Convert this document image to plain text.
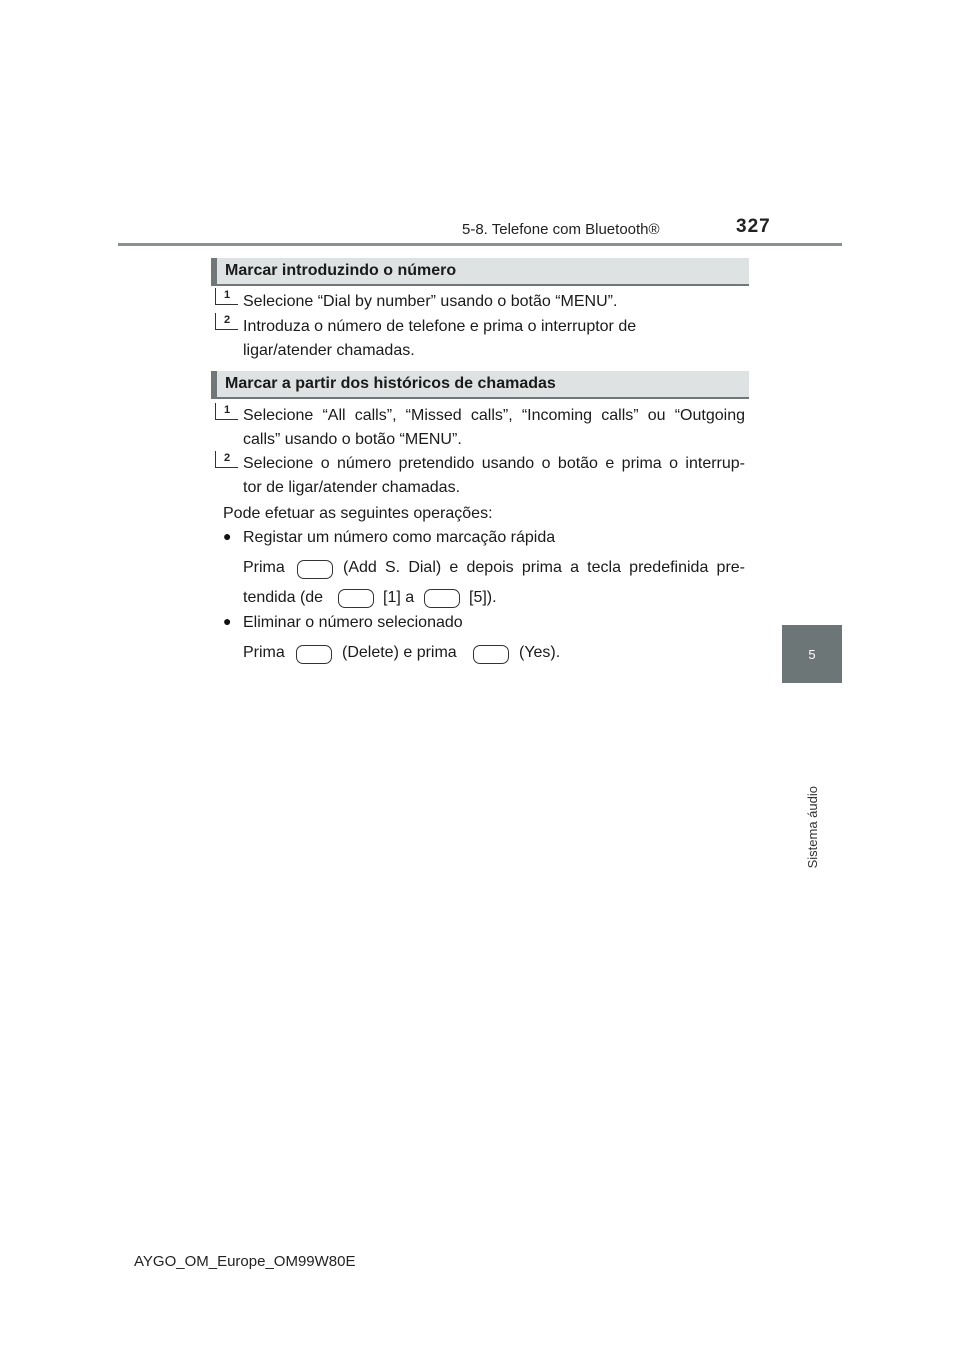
5-8. Telefone com Bluetooth®	327
5
Sistema áudio
Marcar introduzindo o número
1 Selecione “Dial by number” usando o botão “MENU”.
2 Introduza o número de telefone e prima o interruptor de
ligar/atender chamadas.
Marcar a partir dos históricos de chamadas
1 Selecione “All calls”, “Missed calls”, “Incoming calls” ou “Outgoing
calls” usando o botão “MENU”.
2 Selecione o número pretendido usando o botão e prima o interrup-
tor de ligar/atender chamadas.
Pode efetuar as seguintes operações:
● Registar um número como marcação rápida
Prima	(Add S. Dial) e depois prima a tecla predefinida pre-
tendida (de	[1] a	[5]).
● Eliminar o número selecionado
Prima	(Delete) e prima	(Yes).
AYGO_OM_Europe_OM99W80E
